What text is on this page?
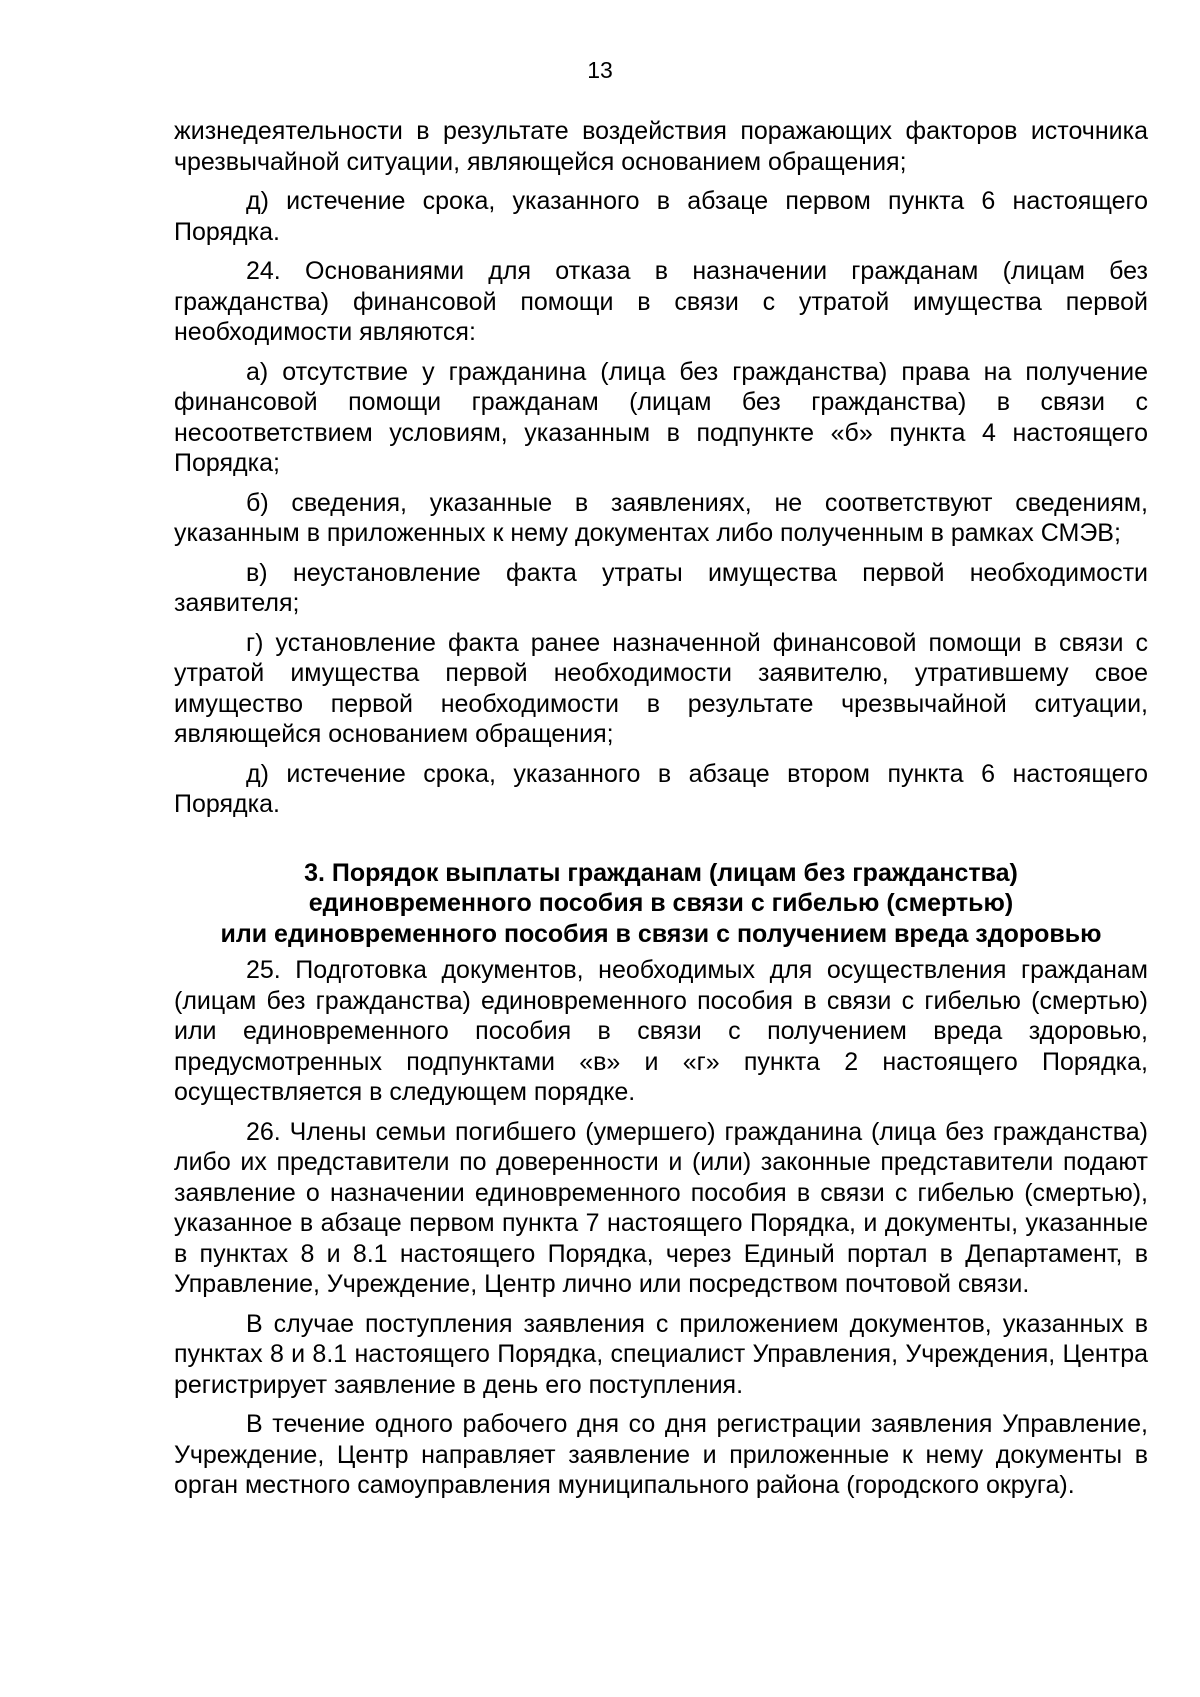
13

жизнедеятельности в результате воздействия поражающих факторов источника чрезвычайной ситуации, являющейся основанием обращения;

д) истечение срока, указанного в абзаце первом пункта 6 настоящего Порядка.

24. Основаниями для отказа в назначении гражданам (лицам без гражданства) финансовой помощи в связи с утратой имущества первой необходимости являются:

а) отсутствие у гражданина (лица без гражданства) права на получение финансовой помощи гражданам (лицам без гражданства) в связи с несоответствием условиям, указанным в подпункте «б» пункта 4 настоящего Порядка;

б) сведения, указанные в заявлениях, не соответствуют сведениям, указанным в приложенных к нему документах либо полученным в рамках СМЭВ;

в) неустановление факта утраты имущества первой необходимости заявителя;

г) установление факта ранее назначенной финансовой помощи в связи с утратой имущества первой необходимости заявителю, утратившему свое имущество первой необходимости в результате чрезвычайной ситуации, являющейся основанием обращения;

д) истечение срока, указанного в абзаце втором пункта 6 настоящего Порядка.

3. Порядок выплаты гражданам (лицам без гражданства)
единовременного пособия в связи с гибелью (смертью)
или единовременного пособия в связи с получением вреда здоровью

25. Подготовка документов, необходимых для осуществления гражданам (лицам без гражданства) единовременного пособия в связи с гибелью (смертью) или единовременного пособия в связи с получением вреда здоровью, предусмотренных подпунктами «в» и «г» пункта 2 настоящего Порядка, осуществляется в следующем порядке.

26. Члены семьи погибшего (умершего) гражданина (лица без гражданства) либо их представители по доверенности и (или) законные представители подают заявление о назначении единовременного пособия в связи с гибелью (смертью), указанное в абзаце первом пункта 7 настоящего Порядка, и документы, указанные в пунктах 8 и 8.1 настоящего Порядка, через Единый портал в Департамент, в Управление, Учреждение, Центр лично или посредством почтовой связи.

В случае поступления заявления с приложением документов, указанных в пунктах 8 и 8.1 настоящего Порядка, специалист Управления, Учреждения, Центра регистрирует заявление в день его поступления.

В течение одного рабочего дня со дня регистрации заявления Управление, Учреждение, Центр направляет заявление и приложенные к нему документы в орган местного самоуправления муниципального района (городского округа).
